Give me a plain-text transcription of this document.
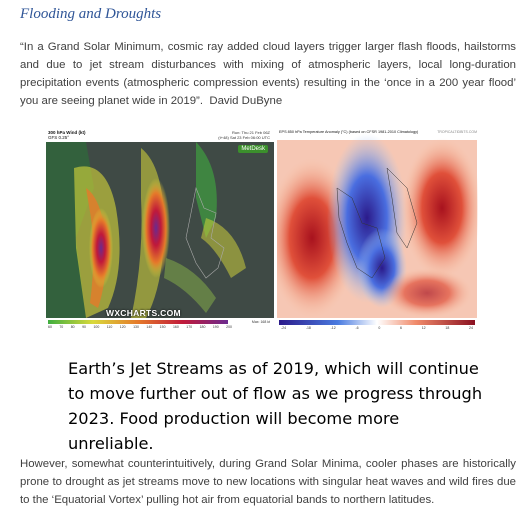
Flooding and Droughts
“In a Grand Solar Minimum, cosmic ray added cloud layers trigger larger flash floods, hailstorms and due to jet stream disturbances with mixing of atmospheric layers, local long-duration precipitation events (atmospheric compression events) resulting in the ‘once in a 200 year flood’ you are seeing planet wide in 2019”. David DuByne
300 hPa Wind (kt)
GFS 0.25°
Run: Thu 21 Feb 06Z
(t+48) Sat 23 Feb 06:00 UTC
MetDesk
WXCHARTS.COM
60 70 80 90 100 110 120 130 140 150 160 170 180 190 200
Max: 168 kt
EPS 850 hPa Temperature Anomaly (°C) (based on CFSR 1981-2010 Climatology)	TROPICALTIDBITS.COM
-24	-18	-12	-6	0	6	12	18	24
Earth’s Jet Streams as of 2019, which will continue to move further out of flow as we progress through 2023. Food production will become more unreliable.
However, somewhat counterintuitively, during Grand Solar Minima, cooler phases are historically prone to drought as jet streams move to new locations with singular heat waves and wild fires due to the ‘Equatorial Vortex’ pulling hot air from equatorial bands to northern latitudes.
